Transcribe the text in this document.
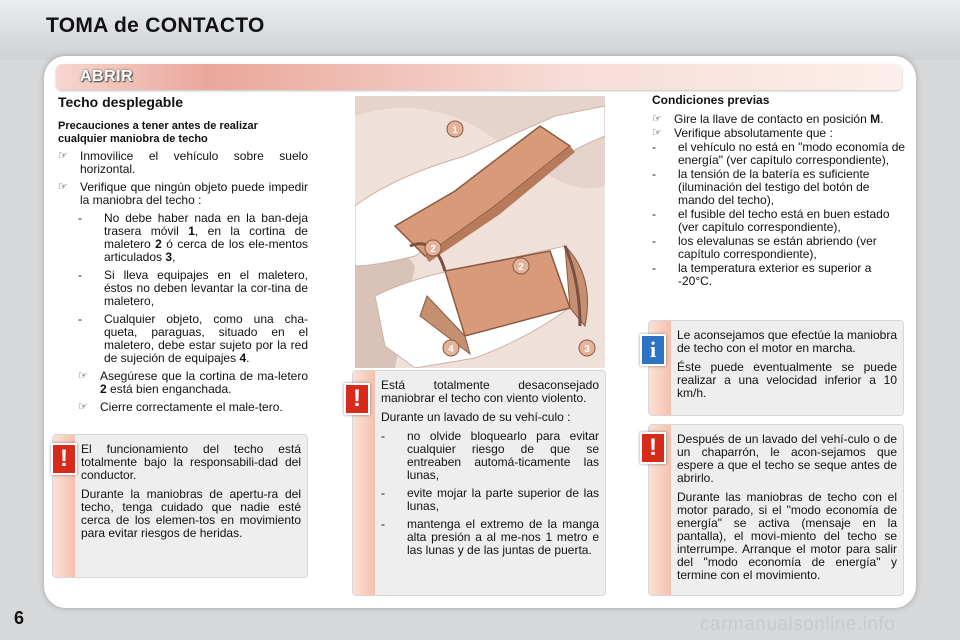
TOMA de CONTACTO
ABRIR
Techo desplegable
Precauciones a tener antes de realizar cualquier maniobra de techo
☞	Inmovilice el vehículo sobre suelo horizontal.
☞	Verifique que ningún objeto puede impedir la maniobra del techo :
-	No debe haber nada en la ban-deja trasera móvil 1, en la cortina de maletero 2 ó cerca de los ele-mentos articulados 3,
-	Si lleva equipajes en el maletero, éstos no deben levantar la cor-tina de maletero,
-	Cualquier objeto, como una cha-queta, paraguas, situado en el maletero, debe estar sujeto por la red de sujeción de equipajes 4.
☞	Asegúrese que la cortina de ma-letero 2 está bien enganchada.
☞	Cierre correctamente el male-tero.

El funcionamiento del techo está totalmente bajo la responsabili-dad del conductor.

Durante la maniobras de apertu-ra del techo, tenga cuidado que nadie esté cerca de los elemen-tos en movimiento para evitar riesgos de heridas.

!
1
2
2
3
4

Está totalmente desaconsejado maniobrar el techo con viento violento.

Durante un lavado de su vehí-culo :

-	no olvide bloquearlo para evitar cualquier riesgo de que se entreaben automá-ticamente las lunas,
-	evite mojar la parte superior de las lunas,
-	mantenga el extremo de la manga alta presión a al me-nos 1 metro e las lunas y de las juntas de puerta.
!

Condiciones previas

☞	Gire la llave de contacto en posición M.
☞	Verifique absolutamente que :
-	el vehículo no está en "modo economía de energía" (ver capítulo correspondiente),
-	la tensión de la batería es suficiente (iluminación del testigo del botón de mando del techo),
-	el fusible del techo está en buen estado (ver capítulo correspondiente),
-	los elevalunas se están abriendo (ver capítulo correspondiente),
-	la temperatura exterior es superior a -20°C.

Le aconsejamos que efectúe la maniobra de techo con el motor en marcha.

Éste puede eventualmente se puede realizar a una velocidad inferior a 10 km/h.

i

Después de un lavado del vehí-culo o de un chaparrón, le acon-sejamos que espere a que el techo se seque antes de abrirlo.

Durante las maniobras de techo con el motor parado, si el "modo economía de energía" se activa (mensaje en la pantalla), el movi-miento del techo se interrumpe. Arranque el motor para salir del "modo economía de energía" y termine con el movimiento.

!
6	carmanualsonline.info
